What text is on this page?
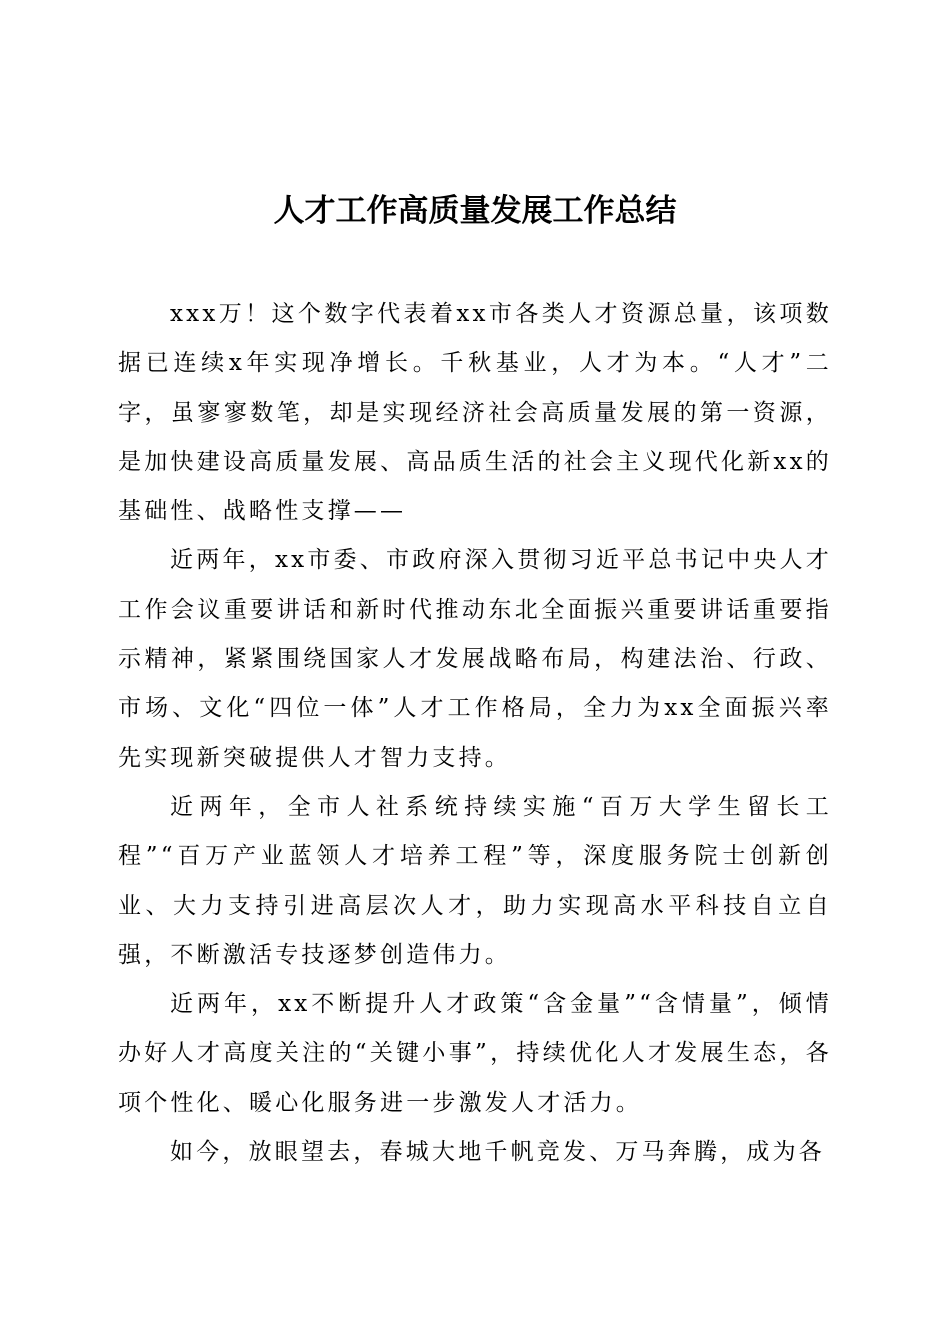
人才工作高质量发展工作总结

xxx万！这个数字代表着xx市各类人才资源总量，该项数据已连续x年实现净增长。千秋基业，人才为本。“人才”二字，虽寥寥数笔，却是实现经济社会高质量发展的第一资源，是加快建设高质量发展、高品质生活的社会主义现代化新xx的基础性、战略性支撑——

近两年，xx市委、市政府深入贯彻习近平总书记中央人才工作会议重要讲话和新时代推动东北全面振兴重要讲话重要指示精神，紧紧围绕国家人才发展战略布局，构建法治、行政、市场、文化“四位一体”人才工作格局，全力为xx全面振兴率先实现新突破提供人才智力支持。

近两年，全市人社系统持续实施“百万大学生留长工程”“百万产业蓝领人才培养工程”等，深度服务院士创新创业、大力支持引进高层次人才，助力实现高水平科技自立自强，不断激活专技逐梦创造伟力。

近两年，xx不断提升人才政策“含金量”“含情量”，倾情办好人才高度关注的“关键小事”，持续优化人才发展生态，各项个性化、暖心化服务进一步激发人才活力。

如今，放眼望去，春城大地千帆竞发、万马奔腾，成为各
